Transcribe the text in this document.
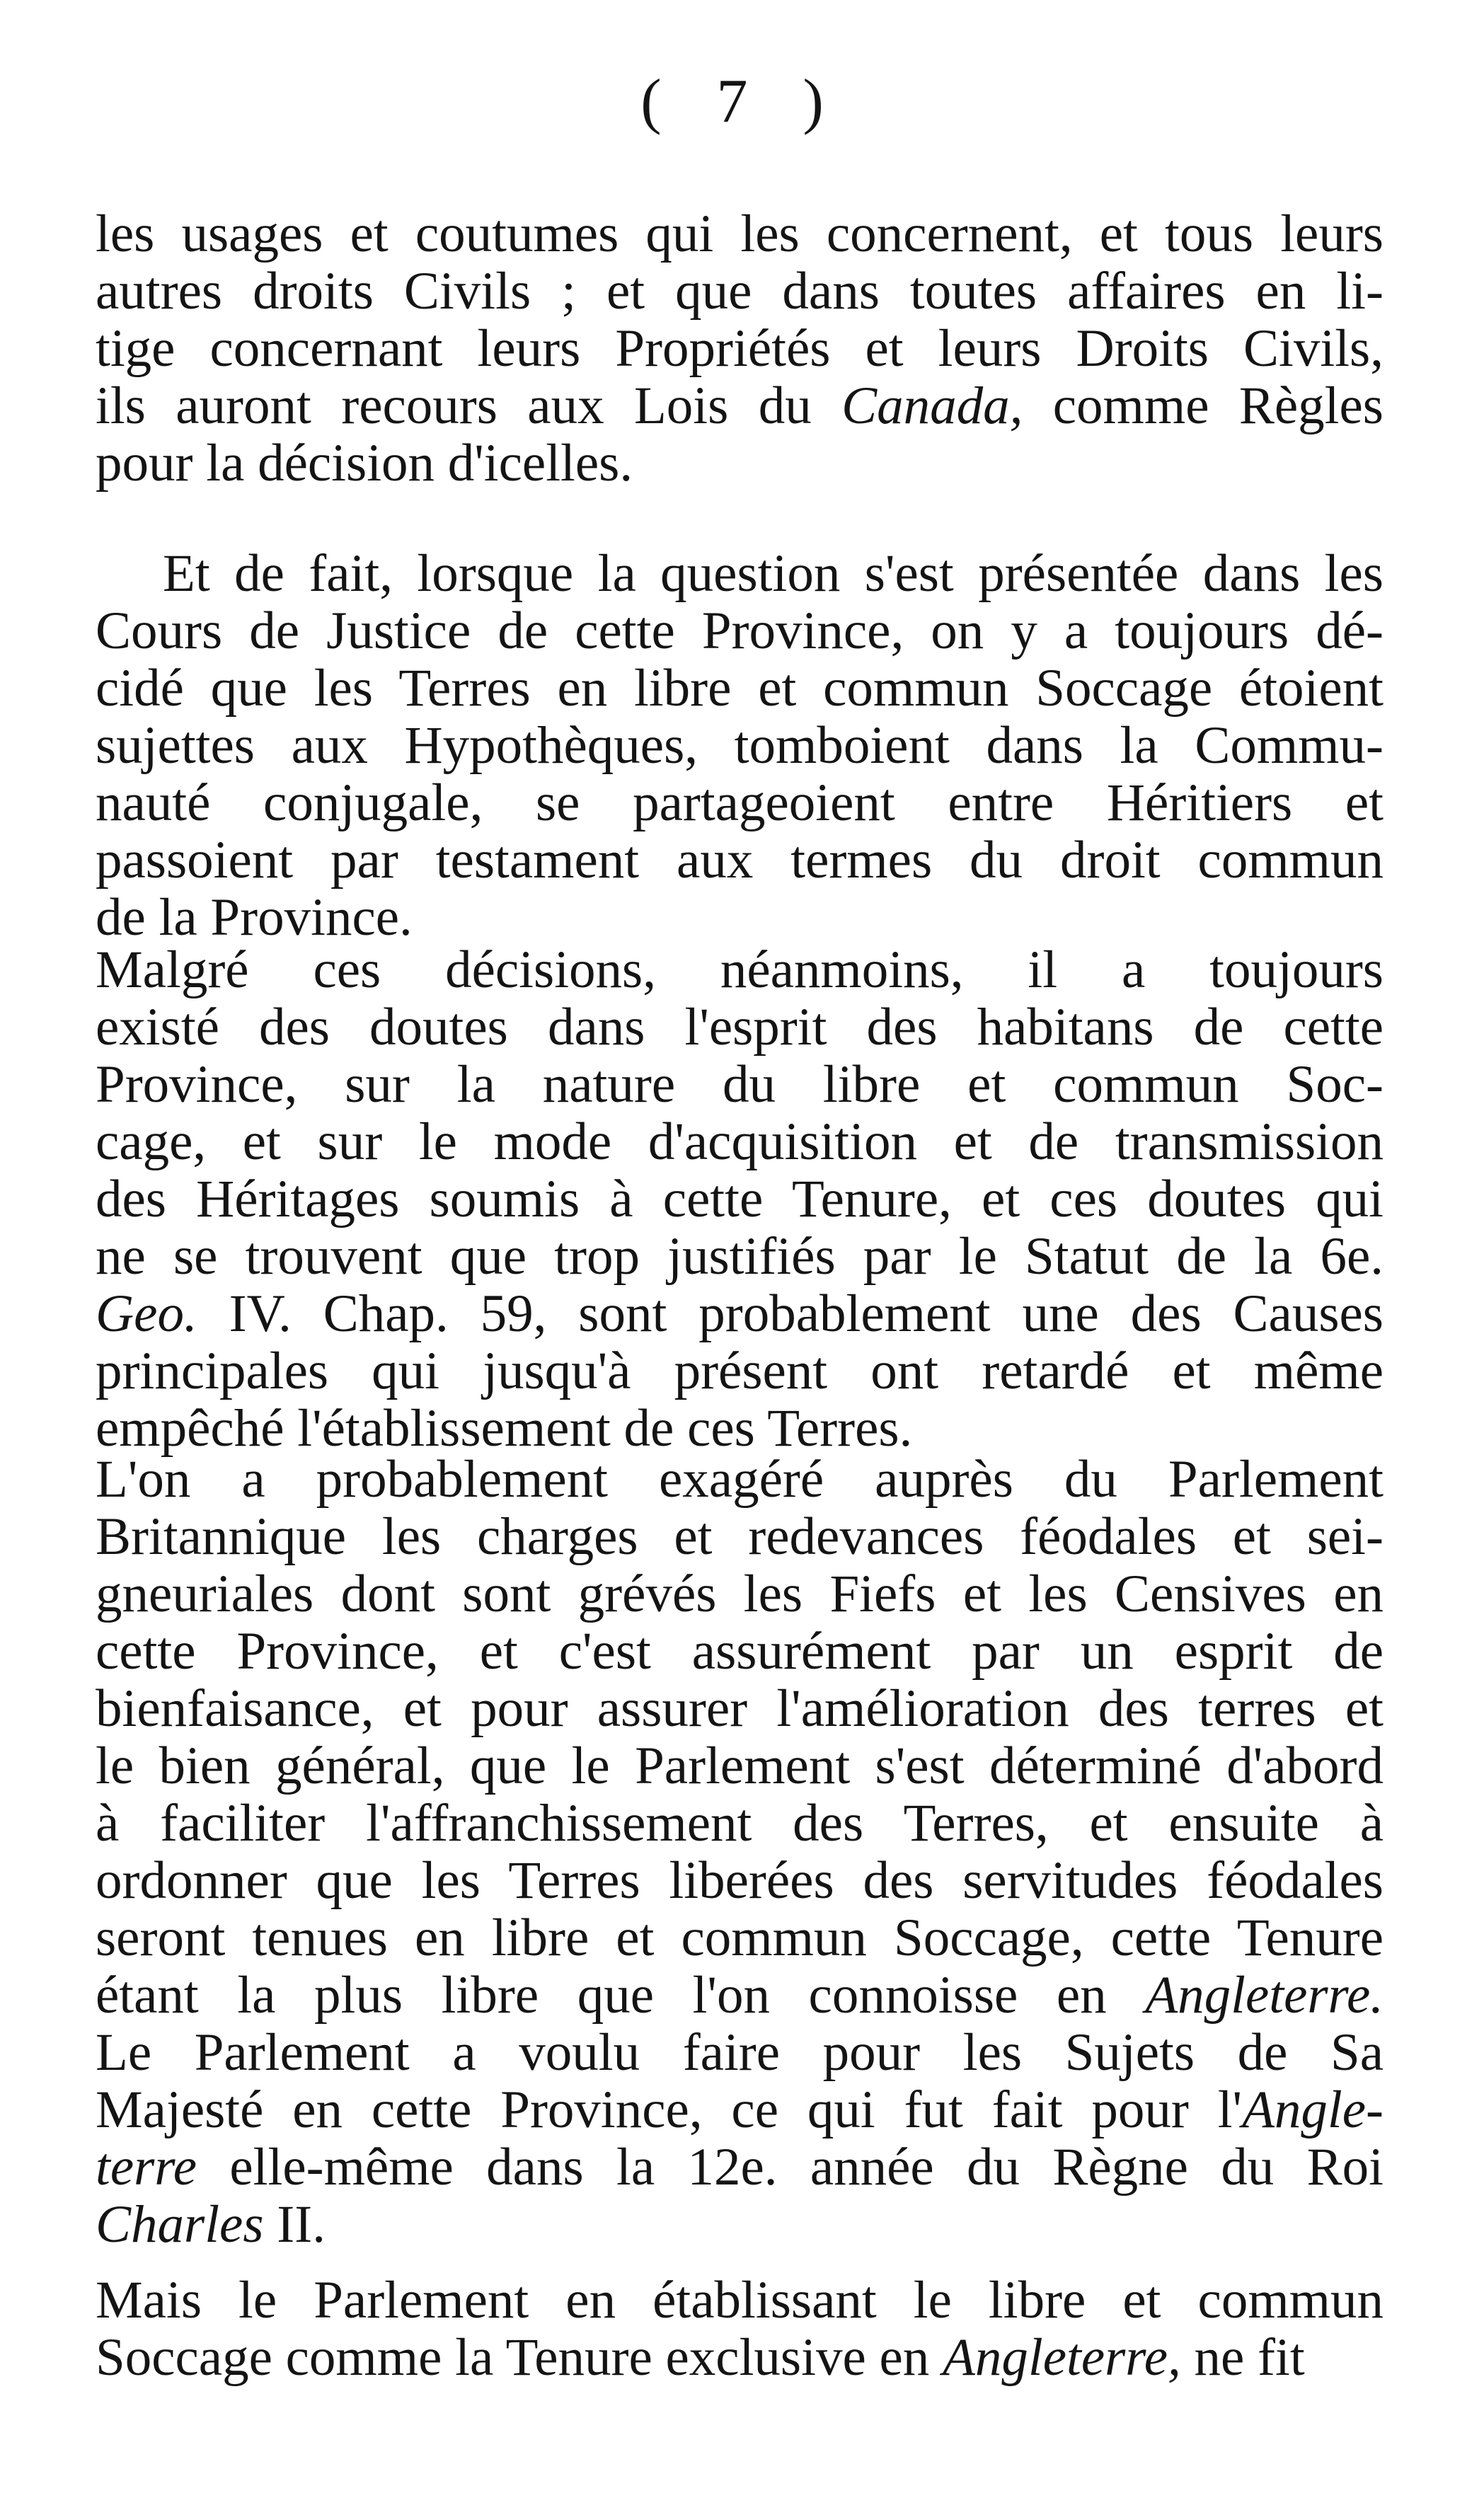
( 7 )
les usages et coutumes qui les concernent, et tous leurs
autres droits Civils ; et que dans toutes affaires en li-
tige concernant leurs Propriétés et leurs Droits Civils,
ils auront recours aux Lois du Canada, comme Règles
pour la décision d'icelles.
Et de fait, lorsque la question s'est présentée dans les
Cours de Justice de cette Province, on y a toujours dé-
cidé que les Terres en libre et commun Soccage étoient
sujettes aux Hypothèques, tomboient dans la Commu-
nauté conjugale, se partageoient entre Héritiers et
passoient par testament aux termes du droit commun
de la Province.
Malgré ces décisions, néanmoins, il a toujours
existé des doutes dans l'esprit des habitans de cette
Province, sur la nature du libre et commun Soc-
cage, et sur le mode d'acquisition et de transmission
des Héritages soumis à cette Tenure, et ces doutes qui
ne se trouvent que trop justifiés par le Statut de la 6e.
Geo. IV. Chap. 59, sont probablement une des Causes
principales qui jusqu'à présent ont retardé et même
empêché l'établissement de ces Terres.
L'on a probablement exagéré auprès du Parlement
Britannique les charges et redevances féodales et sei-
gneuriales dont sont grévés les Fiefs et les Censives en
cette Province, et c'est assurément par un esprit de
bienfaisance, et pour assurer l'amélioration des terres et
le bien général, que le Parlement s'est déterminé d'abord
à faciliter l'affranchissement des Terres, et ensuite à
ordonner que les Terres liberées des servitudes féodales
seront tenues en libre et commun Soccage, cette Tenure
étant la plus libre que l'on connoisse en Angleterre.
Le Parlement a voulu faire pour les Sujets de Sa
Majesté en cette Province, ce qui fut fait pour l'Angle-
terre elle-même dans la 12e. année du Règne du Roi
Charles II.
Mais le Parlement en établissant le libre et commun
Soccage comme la Tenure exclusive en Angleterre, ne fit
